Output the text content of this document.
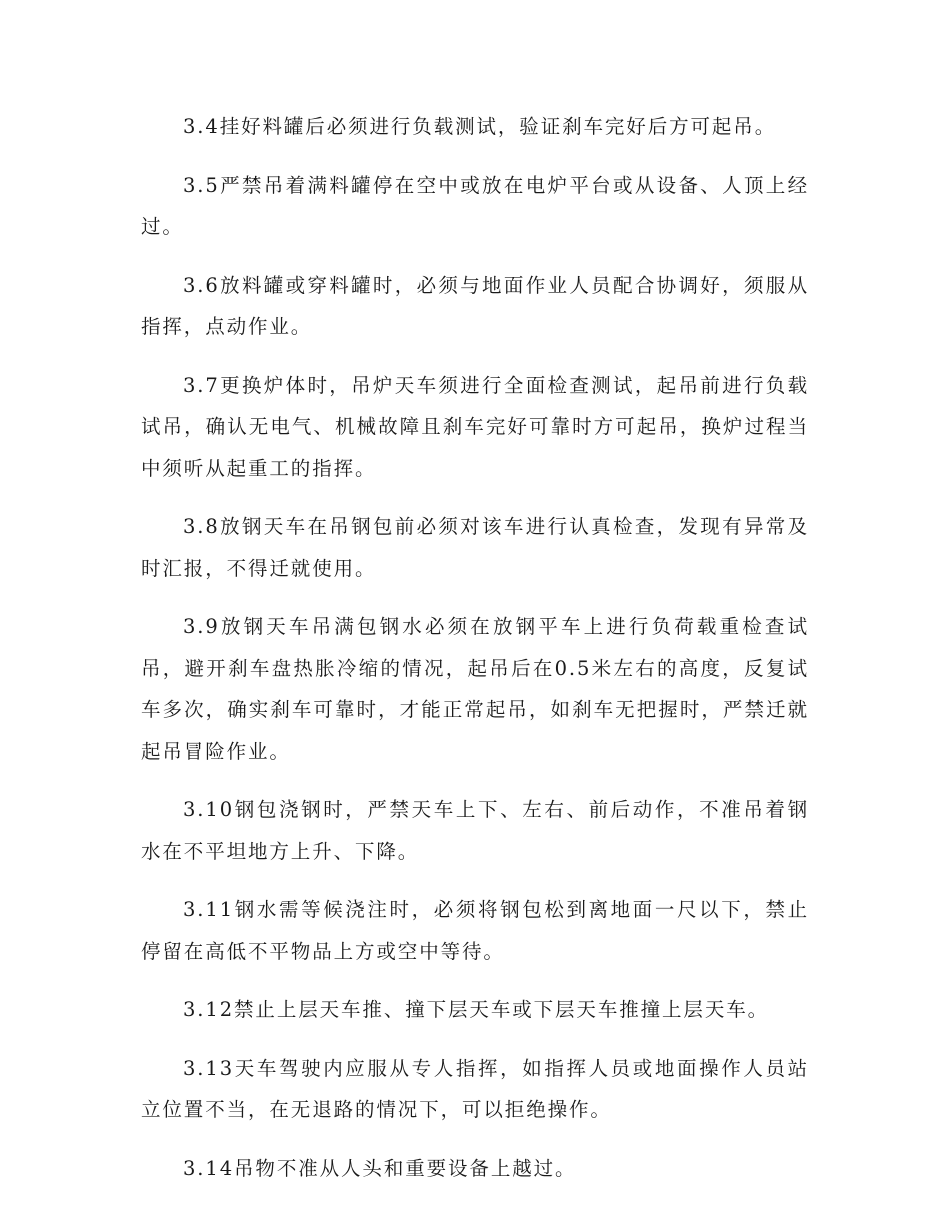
3.4挂好料罐后必须进行负载测试，验证刹车完好后方可起吊。

3.5严禁吊着满料罐停在空中或放在电炉平台或从设备、人顶上经过。

3.6放料罐或穿料罐时，必须与地面作业人员配合协调好，须服从指挥，点动作业。

3.7更换炉体时，吊炉天车须进行全面检查测试，起吊前进行负载试吊，确认无电气、机械故障且刹车完好可靠时方可起吊，换炉过程当中须听从起重工的指挥。

3.8放钢天车在吊钢包前必须对该车进行认真检查，发现有异常及时汇报，不得迁就使用。

3.9放钢天车吊满包钢水必须在放钢平车上进行负荷载重检查试吊，避开刹车盘热胀冷缩的情况，起吊后在0.5米左右的高度，反复试车多次，确实刹车可靠时，才能正常起吊，如刹车无把握时，严禁迁就起吊冒险作业。

3.10钢包浇钢时，严禁天车上下、左右、前后动作，不准吊着钢水在不平坦地方上升、下降。

3.11钢水需等候浇注时，必须将钢包松到离地面一尺以下，禁止停留在高低不平物品上方或空中等待。

3.12禁止上层天车推、撞下层天车或下层天车推撞上层天车。

3.13天车驾驶内应服从专人指挥，如指挥人员或地面操作人员站立位置不当，在无退路的情况下，可以拒绝操作。

3.14吊物不准从人头和重要设备上越过。
